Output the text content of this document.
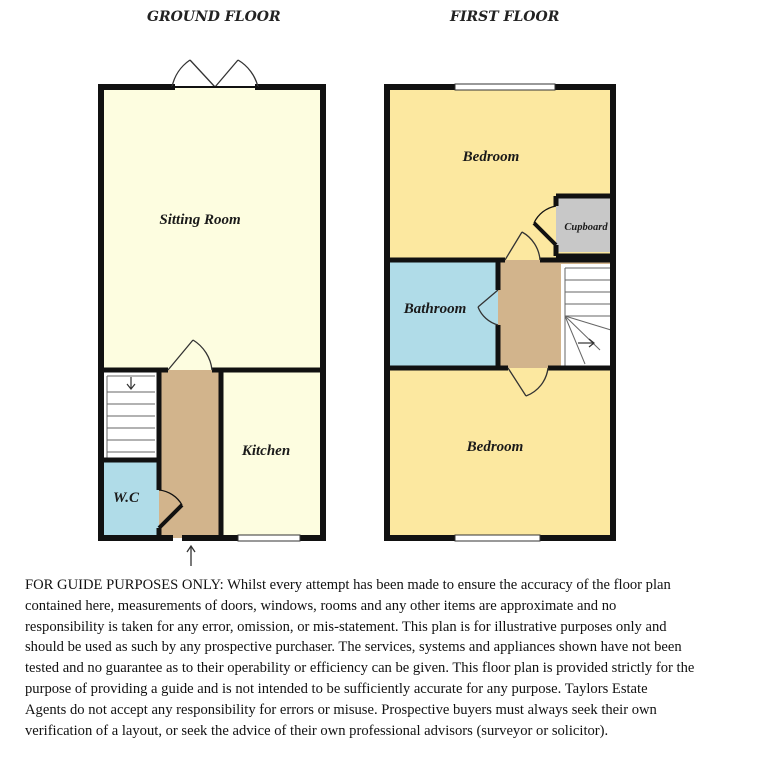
GROUND FLOOR	FIRST FLOOR
Sitting Room
Kitchen
W.C
Bedroom
Cupboard
Bathroom
Bedroom
FOR GUIDE PURPOSES ONLY: Whilst every attempt has been made to ensure the accuracy of the floor plan
contained here, measurements of doors, windows, rooms and any other items are approximate and no
responsibility is taken for any error, omission, or mis-statement. This plan is for illustrative purposes only and
should be used as such by any prospective purchaser. The services, systems and appliances shown have not been
tested and no guarantee as to their operability or efficiency can be given. This floor plan is provided strictly for the
purpose of providing a guide and is not intended to be sufficiently accurate for any purpose. Taylors Estate
Agents do not accept any responsibility for errors or misuse. Prospective buyers must always seek their own
verification of a layout, or seek the advice of their own professional advisors (surveyor or solicitor).
